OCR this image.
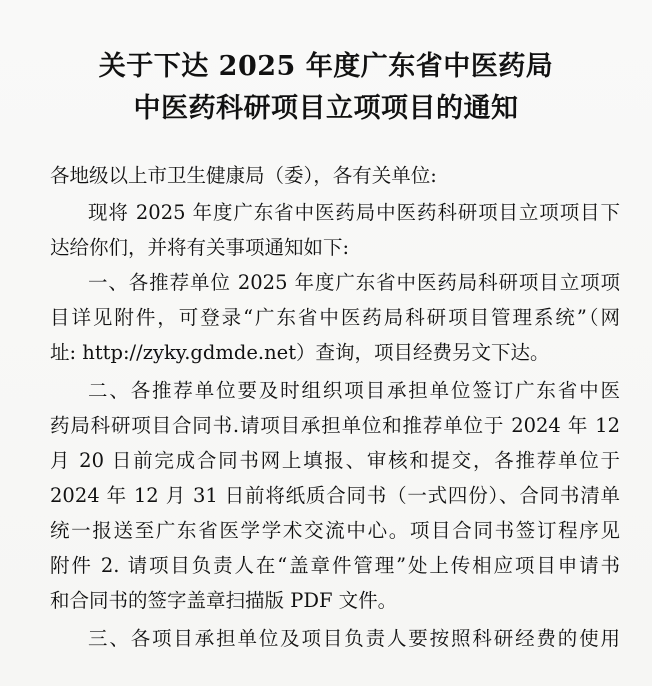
关于下达 2025 年度广东省中医药局
中医药科研项目立项项目的通知
各地级以上市卫生健康局（委），各有关单位:
现将 2025 年度广东省中医药局中医药科研项目立项项目下
达给你们，并将有关事项通知如下:
一、各推荐单位 2025 年度广东省中医药局科研项目立项项
目详见附件，可登录“广东省中医药局科研项目管理系统”（网
址: http://zyky.gdmde.net）查询，项目经费另文下达。
二、各推荐单位要及时组织项目承担单位签订广东省中医
药局科研项目合同书.请项目承担单位和推荐单位于 2024 年 12
月 20 日前完成合同书网上填报、审核和提交，各推荐单位于
2024 年 12 月 31 日前将纸质合同书（一式四份）、合同书清单
统一报送至广东省医学学术交流中心。项目合同书签订程序见
附件 2. 请项目负责人在“盖章件管理”处上传相应项目申请书
和合同书的签字盖章扫描版 PDF 文件。
三、各项目承担单位及项目负责人要按照科研经费的使用
